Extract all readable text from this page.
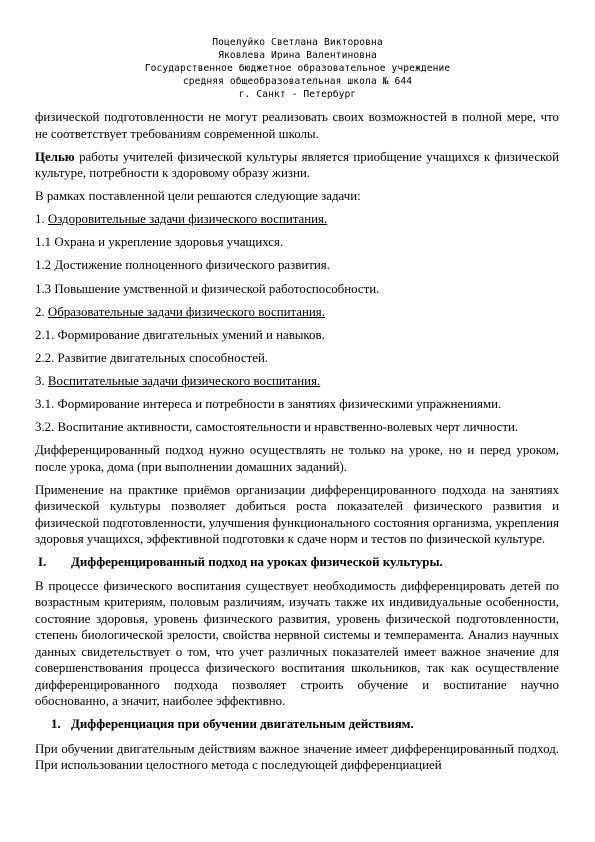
Поцелуйко Светлана Викторовна
Яковлева Ирина Валентиновна
Государственное бюджетное образовательное учреждение
средняя общеобразовательная школа № 644
г. Санкт - Петербург

физической подготовленности не могут реализовать своих возможностей в полной мере, что не соответствует требованиям современной школы.

Целью работы учителей физической культуры является приобщение учащихся к физической культуре, потребности к здоровому образу жизни.

В рамках поставленной цели решаются следующие задачи:

1. Оздоровительные задачи физического воспитания.

1.1 Охрана и укрепление здоровья учащихся.

1.2 Достижение полноценного физического развития.

1.3 Повышение умственной и физической работоспособности.

2. Образовательные задачи физического воспитания.

2.1. Формирование двигательных умений и навыков.

2.2. Развитие двигательных способностей.

3. Воспитательные задачи физического воспитания.

3.1. Формирование интереса и потребности в занятиях физическими упражнениями.

3.2. Воспитание активности, самостоятельности и нравственно-волевых черт личности.

Дифференцированный подход нужно осуществлять не только на уроке, но и перед уроком, после урока, дома (при выполнении домашних заданий).

Применение на практике приёмов организации дифференцированного подхода на занятиях физической культуры позволяет добиться роста показателей физического развития и физической подготовленности, улучшения функционального состояния организма, укрепления здоровья учащихся, эффективной подготовки к сдаче норм и тестов по физической культуре.

I. Дифференцированный подход на уроках физической культуры.

В процессе физического воспитания существует необходимость дифференцировать детей по возрастным критериям, половым различиям, изучать также их индивидуальные особенности, состояние здоровья, уровень физического развития, уровень физической подготовленности, степень биологической зрелости, свойства нервной системы и темперамента. Анализ научных данных свидетельствует о том, что учет различных показателей имеет важное значение для совершенствования процесса физического воспитания школьников, так как осуществление дифференцированного подхода позволяет строить обучение и воспитание научно обоснованно, а значит, наиболее эффективно.

1. Дифференциация при обучении двигательным действиям.

При обучении двигательным действиям важное значение имеет дифференцированный подход. При использовании целостного метода с последующей дифференциацией
